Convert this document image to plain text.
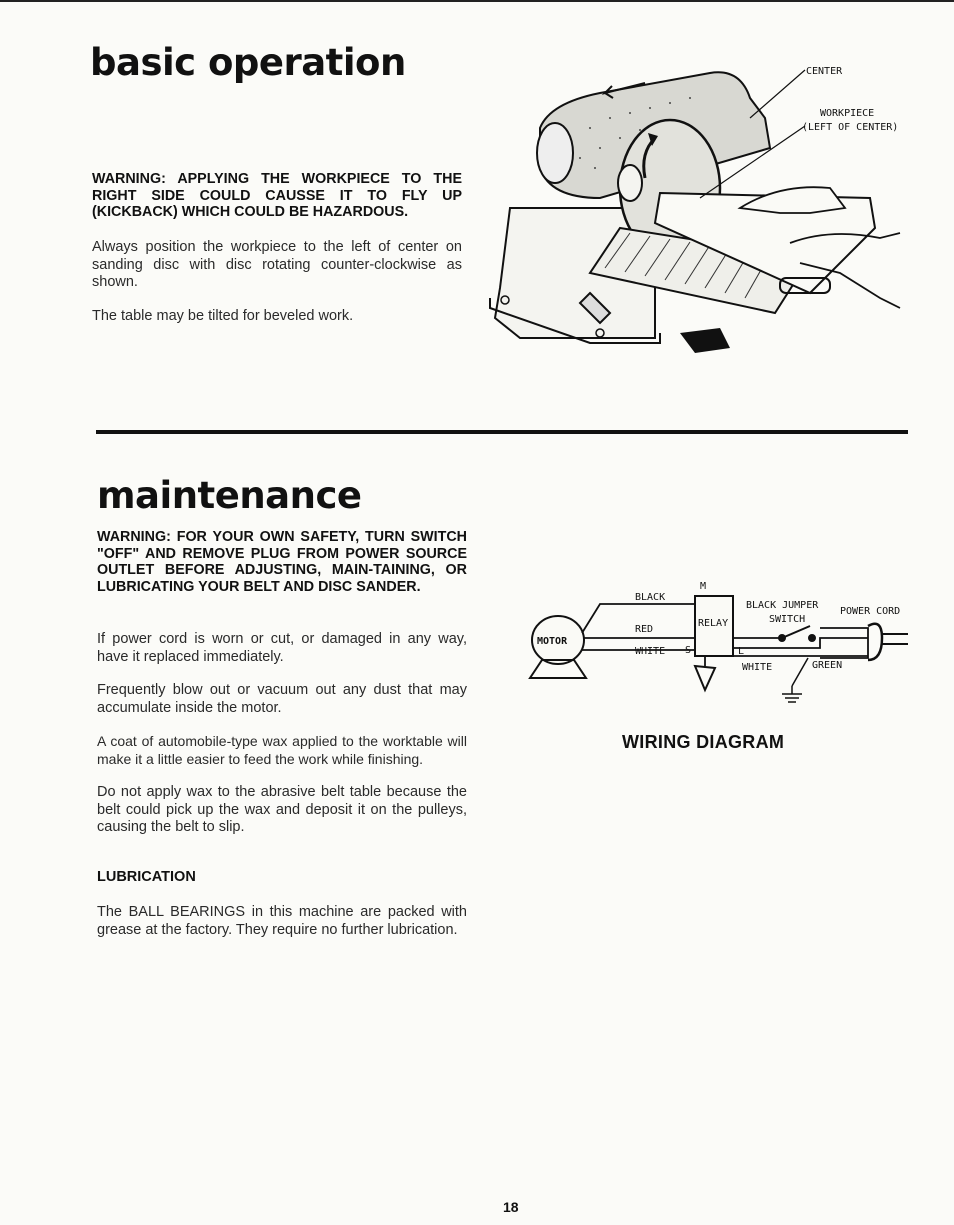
basic operation

WARNING: APPLYING THE WORKPIECE TO THE RIGHT SIDE COULD CAUSSE IT TO FLY UP (KICKBACK) WHICH COULD BE HAZARDOUS.

Always position the workpiece to the left of center on sanding disc with disc rotating counter-clockwise as shown.

The table may be tilted for beveled work.

CENTER
WORKPIECE
(LEFT OF CENTER)
maintenance

WARNING: FOR YOUR OWN SAFETY, TURN SWITCH "OFF" AND REMOVE PLUG FROM POWER SOURCE OUTLET BEFORE ADJUSTING, MAIN-TAINING, OR LUBRICATING YOUR BELT AND DISC SANDER.

If power cord is worn or cut, or damaged in any way, have it replaced immediately.

Frequently blow out or vacuum out any dust that may accumulate inside the motor.

A coat of automobile-type wax applied to the worktable will make it a little easier to feed the work while finishing.

Do not apply wax to the abrasive belt table because the belt could pick up the wax and deposit it on the pulleys, causing the belt to slip.

LUBRICATION

The BALL BEARINGS in this machine are packed with grease at the factory. They require no further lubrication.

MOTOR
BLACK
RED
WHITE
M
RELAY
S	L
BLACK JUMPER
SWITCH
POWER CORD
WHITE	GREEN

WIRING DIAGRAM

18
